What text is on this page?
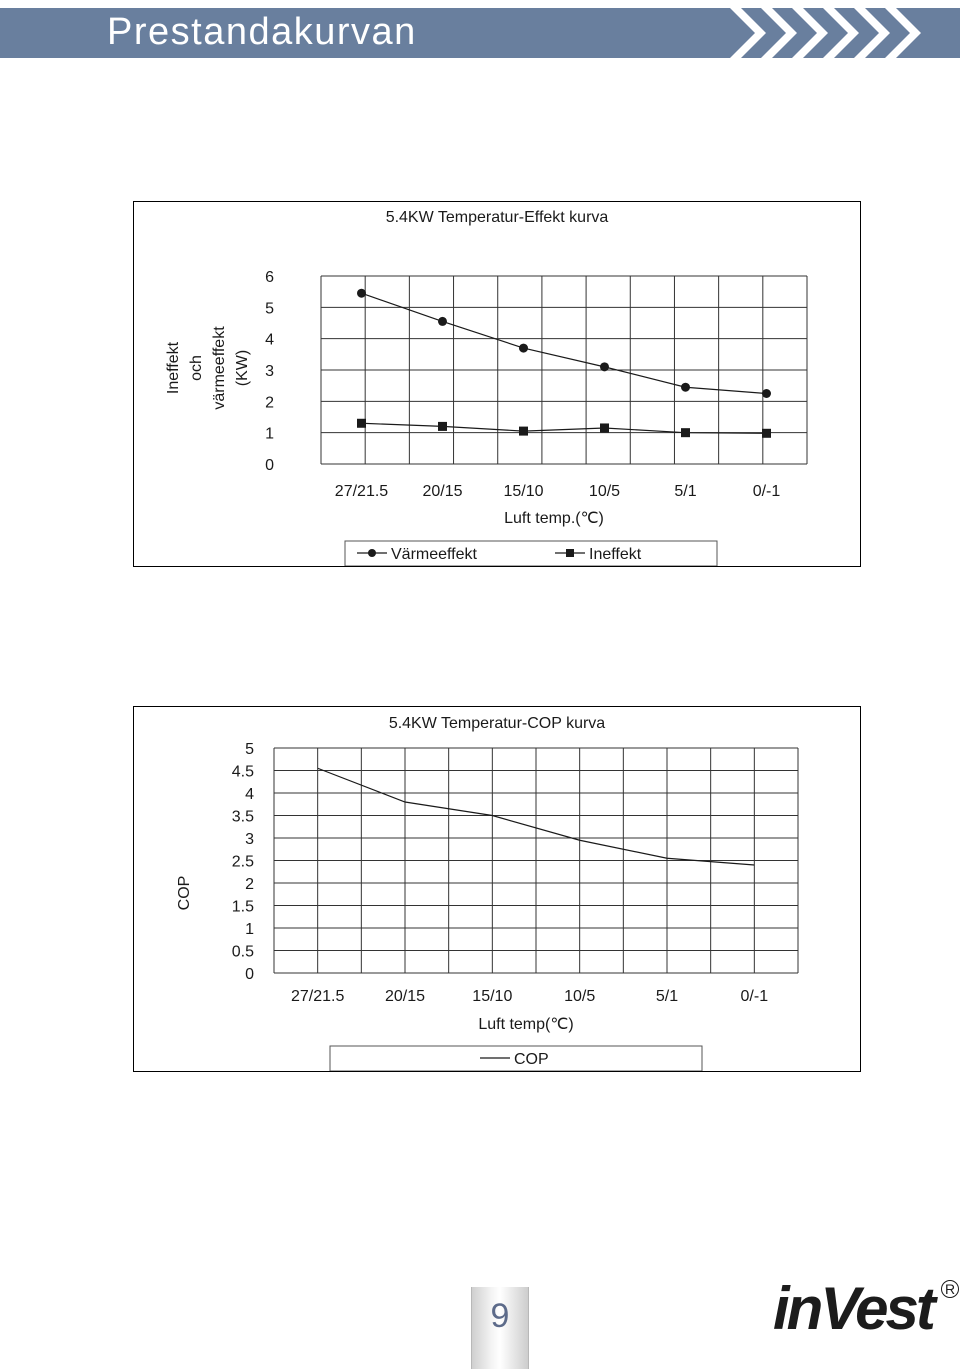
Prestandakurvan
5.4KW Temperatur-Effekt kurva
0
1
2
3
4
5
6
27/21.5 20/15	15/10	10/5	5/1	0/-1
Luft temp.(℃)
Ineffekt och värmeeffekt (KW)
Värmeeffekt	Ineffekt
5.4KW Temperatur-COP kurva
0
0.5
1
1.5
2
2.5
3
3.5
4
4.5
5
27/21.5	20/15	15/10	10/5	5/1	0/-1
Luft temp(℃)
COP
COP
9	inVest R
